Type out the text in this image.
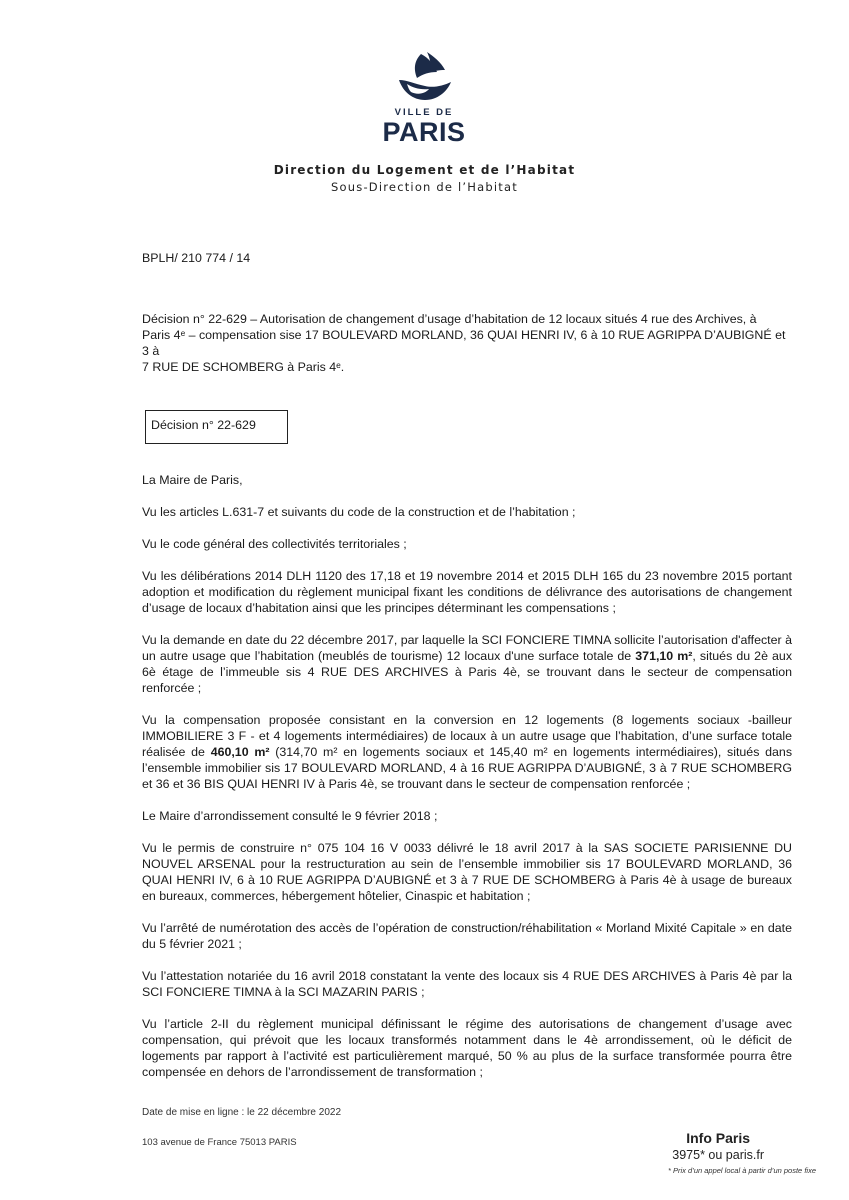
VILLE DE
PARIS
Direction du Logement et de l’Habitat
Sous-Direction de l’Habitat
BPLH/ 210 774 / 14
Décision n° 22-629 – Autorisation de changement d’usage d’habitation de 12 locaux situés 4 rue des Archives, à
Paris 4ᵉ – compensation sise 17 BOULEVARD MORLAND, 36 QUAI HENRI IV, 6 à 10 RUE AGRIPPA D’AUBIGNÉ et 3 à
7 RUE DE SCHOMBERG à Paris 4ᵉ.
Décision n° 22-629

La Maire de Paris,

Vu les articles L.631-7 et suivants du code de la construction et de l’habitation ;

Vu le code général des collectivités territoriales ;

Vu les délibérations 2014 DLH 1120 des 17,18 et 19 novembre 2014 et 2015 DLH 165 du 23 novembre 2015 portant adoption et modification du règlement municipal fixant les conditions de délivrance des autorisations de changement d’usage de locaux d’habitation ainsi que les principes déterminant les compensations ;

Vu la demande en date du 22 décembre 2017, par laquelle la SCI FONCIERE TIMNA sollicite l’autorisation d'affecter à un autre usage que l’habitation (meublés de tourisme) 12 locaux d'une surface totale de 371,10 m², situés du 2è aux 6è étage de l’immeuble sis 4 RUE DES ARCHIVES à Paris 4è, se trouvant dans le secteur de compensation renforcée ;

Vu la compensation proposée consistant en la conversion en 12 logements (8 logements sociaux -bailleur IMMOBILIERE 3 F - et 4 logements intermédiaires) de locaux à un autre usage que l’habitation, d’une surface totale réalisée de 460,10 m² (314,70 m² en logements sociaux et 145,40 m² en logements intermédiaires), situés dans l’ensemble immobilier sis 17 BOULEVARD MORLAND, 4 à 16 RUE AGRIPPA D’AUBIGNÉ, 3 à 7 RUE SCHOMBERG et 36 et 36 BIS QUAI HENRI IV à Paris 4è, se trouvant dans le secteur de compensation renforcée ;

Le Maire d’arrondissement consulté le 9 février 2018 ;

Vu le permis de construire n° 075 104 16 V 0033 délivré le 18 avril 2017 à la SAS SOCIETE PARISIENNE DU NOUVEL ARSENAL pour la restructuration au sein de l’ensemble immobilier sis 17 BOULEVARD MORLAND, 36 QUAI HENRI IV, 6 à 10 RUE AGRIPPA D’AUBIGNÉ et 3 à 7 RUE DE SCHOMBERG à Paris 4è à usage de bureaux en bureaux, commerces, hébergement hôtelier, Cinaspic et habitation ;

Vu l’arrêté de numérotation des accès de l’opération de construction/réhabilitation « Morland Mixité Capitale » en date du 5 février 2021 ;

Vu l’attestation notariée du 16 avril 2018 constatant la vente des locaux sis 4 RUE DES ARCHIVES à Paris 4è par la SCI FONCIERE TIMNA à la SCI MAZARIN PARIS ;

Vu l’article 2-II du règlement municipal définissant le régime des autorisations de changement d’usage avec compensation, qui prévoit que les locaux transformés notamment dans le 4è arrondissement, où le déficit de logements par rapport à l’activité est particulièrement marqué, 50 % au plus de la surface transformée pourra être compensée en dehors de l’arrondissement de transformation ;

Date de mise en ligne : le 22 décembre 2022
103 avenue de France 75013 PARIS	Info Paris
3975* ou paris.fr
* Prix d’un appel local à partir d’un poste fixe
